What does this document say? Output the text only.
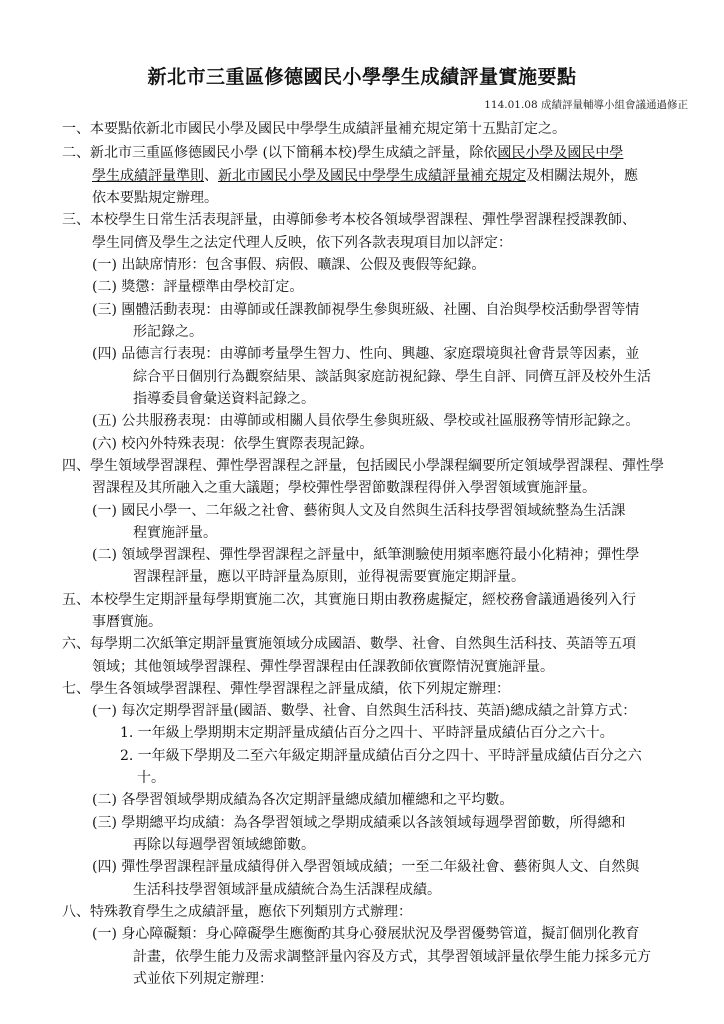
新北市三重區修德國民小學學生成績評量實施要點
114.01.08 成績評量輔導小組會議通過修正
一、本要點依新北市國民小學及國民中學學生成績評量補充規定第十五點訂定之。
二、新北市三重區修德國民小學 (以下簡稱本校)學生成績之評量，除依國民小學及國民中學
學生成績評量準則、新北市國民小學及國民中學學生成績評量補充規定及相關法規外，應
依本要點規定辦理。
三、本校學生日常生活表現評量，由導師參考本校各領域學習課程、彈性學習課程授課教師、
學生同儕及學生之法定代理人反映，依下列各款表現項目加以評定：
(一) 出缺席情形：包含事假、病假、曠課、公假及喪假等紀錄。
(二) 獎懲：評量標準由學校訂定。
(三) 團體活動表現：由導師或任課教師視學生參與班級、社團、自治與學校活動學習等情
形記錄之。
(四) 品德言行表現：由導師考量學生智力、性向、興趣、家庭環境與社會背景等因素，並
綜合平日個別行為觀察結果、談話與家庭訪視紀錄、學生自評、同儕互評及校外生活
指導委員會彙送資料記錄之。
(五) 公共服務表現：由導師或相關人員依學生參與班級、學校或社區服務等情形記錄之。
(六) 校內外特殊表現：依學生實際表現記錄。
四、學生領域學習課程、彈性學習課程之評量，包括國民小學課程綱要所定領域學習課程、彈性學
習課程及其所融入之重大議題；學校彈性學習節數課程得併入學習領域實施評量。
(一) 國民小學一、二年級之社會、藝術與人文及自然與生活科技學習領域統整為生活課
程實施評量。
(二) 領域學習課程、彈性學習課程之評量中，紙筆測驗使用頻率應符最小化精神；彈性學
習課程評量，應以平時評量為原則，並得視需要實施定期評量。
五、本校學生定期評量每學期實施二次，其實施日期由教務處擬定，經校務會議通過後列入行
事曆實施。
六、每學期二次紙筆定期評量實施領域分成國語、數學、社會、自然與生活科技、英語等五項
領域；其他領域學習課程、彈性學習課程由任課教師依實際情況實施評量。
七、學生各領域學習課程、彈性學習課程之評量成績，依下列規定辦理：
(一) 每次定期學習評量(國語、數學、社會、自然與生活科技、英語)總成績之計算方式：
1. 一年級上學期期末定期評量成績佔百分之四十、平時評量成績佔百分之六十。
2. 一年級下學期及二至六年級定期評量成績佔百分之四十、平時評量成績佔百分之六
十。
(二) 各學習領域學期成績為各次定期評量總成績加權總和之平均數。
(三) 學期總平均成績：為各學習領域之學期成績乘以各該領域每週學習節數，所得總和
再除以每週學習領域總節數。
(四) 彈性學習課程評量成績得併入學習領域成績；一至二年級社會、藝術與人文、自然與
生活科技學習領域評量成績統合為生活課程成績。
八、特殊教育學生之成績評量，應依下列類別方式辦理：
(一) 身心障礙類：身心障礙學生應衡酌其身心發展狀況及學習優勢管道，擬訂個別化教育
計畫，依學生能力及需求調整評量內容及方式，其學習領域評量依學生能力採多元方
式並依下列規定辦理：
